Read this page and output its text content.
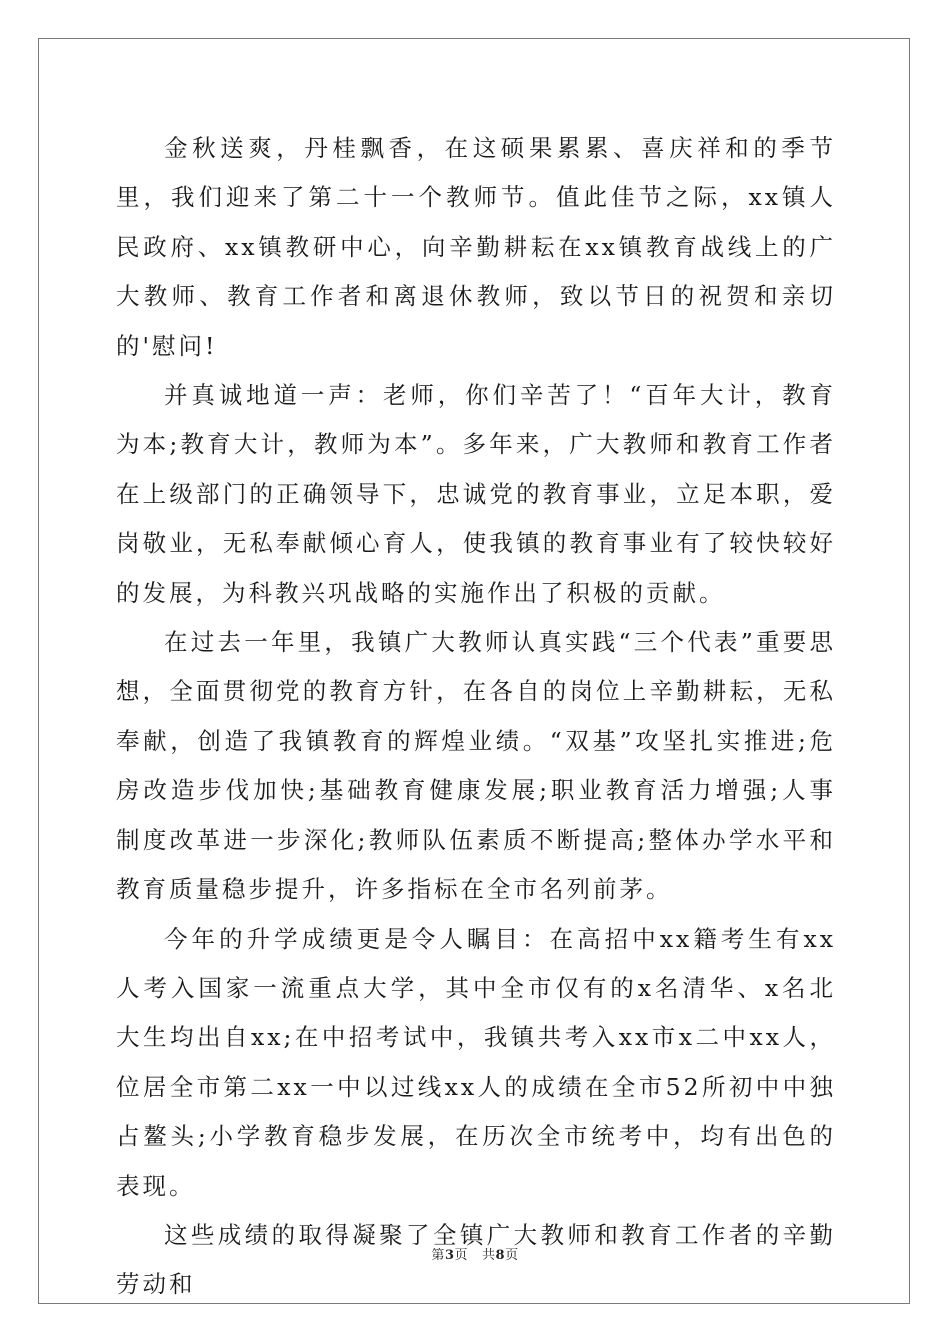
金秋送爽，丹桂飘香，在这硕果累累、喜庆祥和的季节里，我们迎来了第二十一个教师节。值此佳节之际，xx镇人民政府、xx镇教研中心，向辛勤耕耘在xx镇教育战线上的广大教师、教育工作者和离退休教师，致以节日的祝贺和亲切的'慰问!

并真诚地道一声：老师，你们辛苦了！“百年大计，教育为本;教育大计，教师为本”。多年来，广大教师和教育工作者在上级部门的正确领导下，忠诚党的教育事业，立足本职，爱岗敬业，无私奉献倾心育人，使我镇的教育事业有了较快较好的发展，为科教兴巩战略的实施作出了积极的贡献。

在过去一年里，我镇广大教师认真实践“三个代表”重要思想，全面贯彻党的教育方针，在各自的岗位上辛勤耕耘，无私奉献，创造了我镇教育的辉煌业绩。“双基”攻坚扎实推进;危房改造步伐加快;基础教育健康发展;职业教育活力增强;人事制度改革进一步深化;教师队伍素质不断提高;整体办学水平和教育质量稳步提升，许多指标在全市名列前茅。

今年的升学成绩更是令人瞩目：在高招中xx籍考生有xx人考入国家一流重点大学，其中全市仅有的x名清华、x名北大生均出自xx;在中招考试中，我镇共考入xx市x二中xx人，位居全市第二xx一中以过线xx人的成绩在全市52所初中中独占鳌头;小学教育稳步发展，在历次全市统考中，均有出色的表现。

这些成绩的取得凝聚了全镇广大教师和教育工作者的辛勤劳动和

第3页 共8页
